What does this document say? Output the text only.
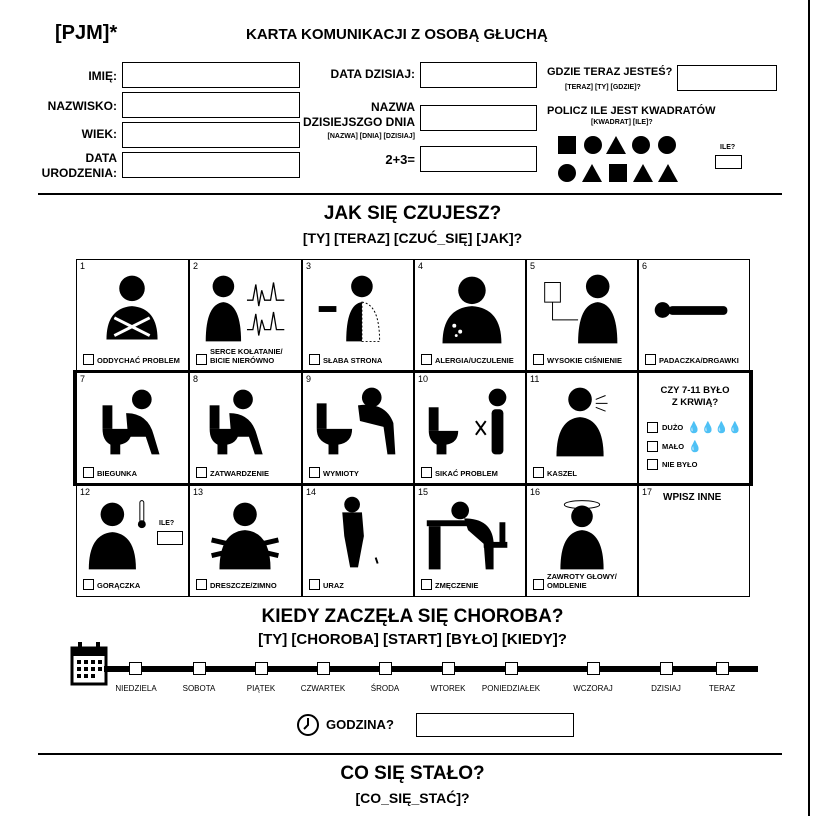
[PJM]*	KARTA KOMUNIKACJI Z OSOBĄ GŁUCHĄ
IMIĘ:
NAZWISKO:
WIEK:
DATA
URODZENIA:
DATA DZISIAJ:
NAZWA
DZISIEJSZGO DNIA
[NAZWA] [DNIA] [DZISIAJ]
2+3=
GDZIE TERAZ JESTEŚ?
[TERAZ] [TY] [GDZIE]?
POLICZ ILE JEST KWADRATÓW
[KWADRAT] [ILE]?
ILE?
JAK SIĘ CZUJESZ?
[TY] [TERAZ] [CZUĆ_SIĘ] [JAK]?
1
ODDYCHAĆ PROBLEM
2
SERCE KOŁATANIE/ BICIE NIERÓWNO
3
SŁABA STRONA
4
ALERGIA/UCZULENIE
5
WYSOKIE CIŚNIENIE
6
PADACZKA/DRGAWKI
7
BIEGUNKA
8
ZATWARDZENIE
9
WYMIOTY
10
SIKAĆ PROBLEM
11
KASZEL
CZY 7-11 BYŁO
Z KRWIĄ?
DUŻO 💧💧💧💧
MAŁO 💧
NIE BYŁO
12
ILE?
GORĄCZKA
13
DRESZCZE/ZIMNO
14
URAZ
15
ZMĘCZENIE
16
ZAWROTY GŁOWY/ OMDLENIE
17 WPISZ INNE
KIEDY ZACZĘŁA SIĘ CHOROBA?
[TY] [CHOROBA] [START] [BYŁO] [KIEDY]?
NIEDZIELA	SOBOTA	PIĄTEK	CZWARTEK	ŚRODA	WTOREK	PONIEDZIAŁEK	WCZORAJ	DZISIAJ	TERAZ
GODZINA?
CO SIĘ STAŁO?
[CO_SIĘ_STAĆ]?
